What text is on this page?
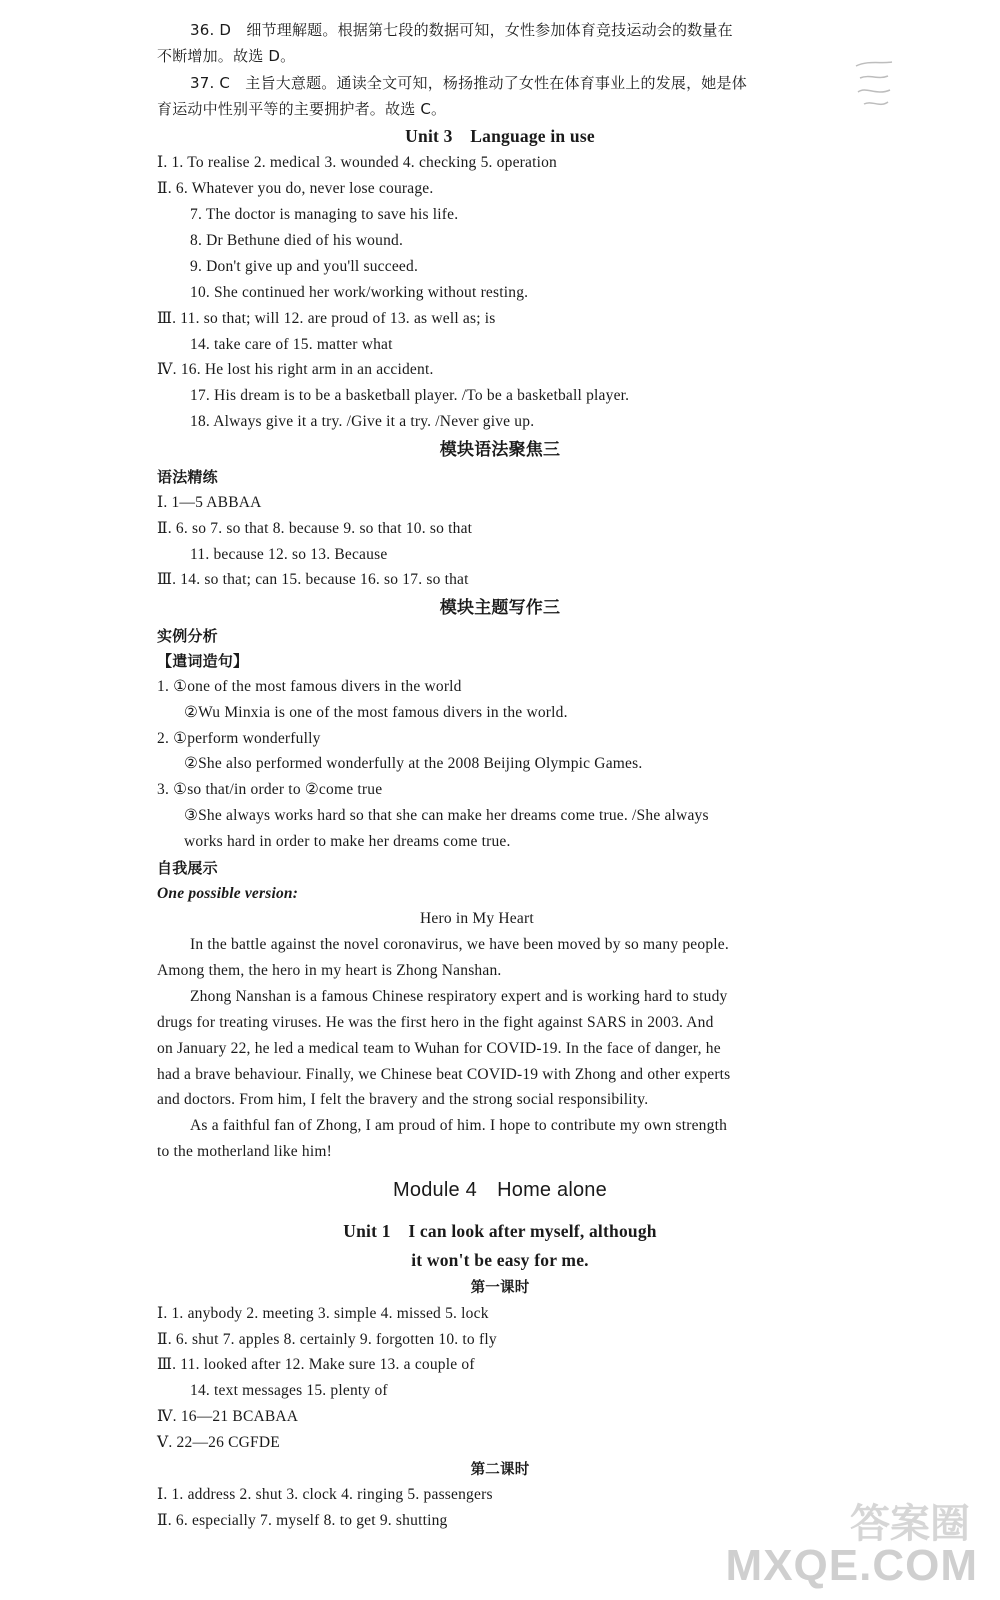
36. D　细节理解题。根据第七段的数据可知，女性参加体育竞技运动会的数量在
不断增加。故选 D。
37. C　主旨大意题。通读全文可知，杨扬推动了女性在体育事业上的发展，她是体
育运动中性别平等的主要拥护者。故选 C。
Unit 3　Language in use
Ⅰ. 1. To realise 2. medical 3. wounded 4. checking 5. operation
Ⅱ. 6. Whatever you do, never lose courage.
7. The doctor is managing to save his life.
8. Dr Bethune died of his wound.
9. Don't give up and you'll succeed.
10. She continued her work/working without resting.
Ⅲ. 11. so that; will 12. are proud of 13. as well as; is
14. take care of 15. matter what
Ⅳ. 16. He lost his right arm in an accident.
17. His dream is to be a basketball player. /To be a basketball player.
18. Always give it a try. /Give it a try. /Never give up.
模块语法聚焦三
语法精练
Ⅰ. 1—5 ABBAA
Ⅱ. 6. so 7. so that 8. because 9. so that 10. so that
11. because 12. so 13. Because
Ⅲ. 14. so that; can 15. because 16. so 17. so that
模块主题写作三
实例分析
【遣词造句】
1. ①one of the most famous divers in the world
②Wu Minxia is one of the most famous divers in the world.
2. ①perform wonderfully
②She also performed wonderfully at the 2008 Beijing Olympic Games.
3. ①so that/in order to ②come true
③She always works hard so that she can make her dreams come true. /She always
works hard in order to make her dreams come true.
自我展示
One possible version:
Hero in My Heart
In the battle against the novel coronavirus, we have been moved by so many people.
Among them, the hero in my heart is Zhong Nanshan.
Zhong Nanshan is a famous Chinese respiratory expert and is working hard to study
drugs for treating viruses. He was the first hero in the fight against SARS in 2003. And
on January 22, he led a medical team to Wuhan for COVID-19. In the face of danger, he
had a brave behaviour. Finally, we Chinese beat COVID-19 with Zhong and other experts
and doctors. From him, I felt the bravery and the strong social responsibility.
As a faithful fan of Zhong, I am proud of him. I hope to contribute my own strength
to the motherland like him!
Module 4　Home alone
Unit 1　I can look after myself, although
it won't be easy for me.
第一课时
Ⅰ. 1. anybody 2. meeting 3. simple 4. missed 5. lock
Ⅱ. 6. shut 7. apples 8. certainly 9. forgotten 10. to fly
Ⅲ. 11. looked after 12. Make sure 13. a couple of
14. text messages 15. plenty of
Ⅳ. 16—21 BCABAA
Ⅴ. 22—26 CGFDE
第二课时
Ⅰ. 1. address 2. shut 3. clock 4. ringing 5. passengers
Ⅱ. 6. especially 7. myself 8. to get 9. shutting	答案圈
MXQE.COM
